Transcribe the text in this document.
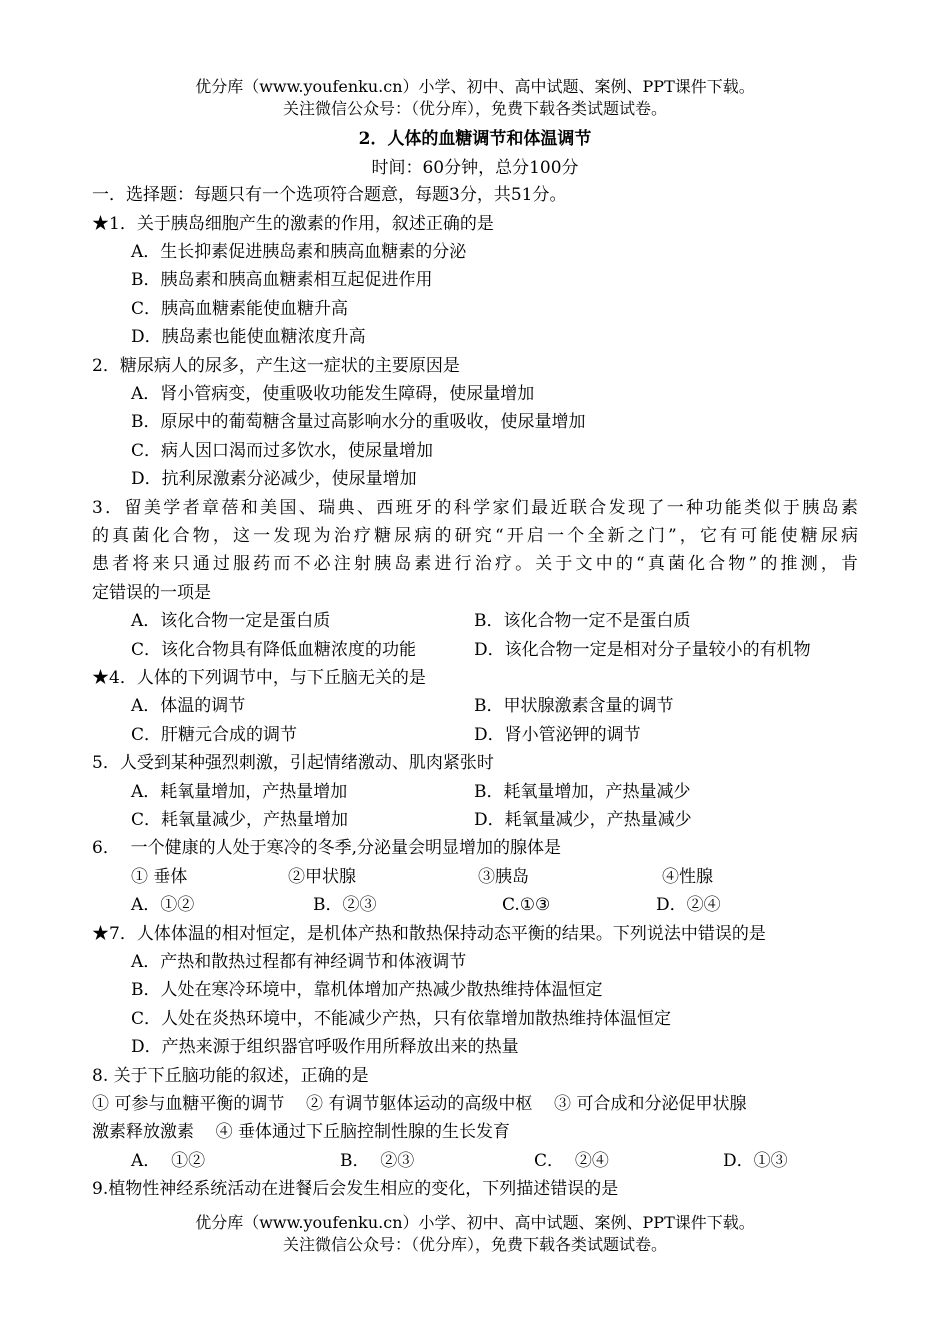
优分库（www.youfenku.cn）小学、初中、高中试题、案例、PPT课件下载。
关注微信公众号：（优分库），免费下载各类试题试卷。
2．人体的血糖调节和体温调节
时间：60分钟，总分100分
一．选择题：每题只有一个选项符合题意，每题3分，共51分。
★1．关于胰岛细胞产生的激素的作用，叙述正确的是
A．生长抑素促进胰岛素和胰高血糖素的分泌
B．胰岛素和胰高血糖素相互起促进作用
C．胰高血糖素能使血糖升高
D．胰岛素也能使血糖浓度升高
2．糖尿病人的尿多，产生这一症状的主要原因是
A．肾小管病变，使重吸收功能发生障碍，使尿量增加
B．原尿中的葡萄糖含量过高影响水分的重吸收，使尿量增加
C．病人因口渴而过多饮水，使尿量增加
D．抗利尿激素分泌减少，使尿量增加
3．留美学者章蓓和美国、瑞典、西班牙的科学家们最近联合发现了一种功能类似于胰岛素
的真菌化合物，这一发现为治疗糖尿病的研究“开启一个全新之门”，它有可能使糖尿病
患者将来只通过服药而不必注射胰岛素进行治疗。关于文中的“真菌化合物”的推测，肯
定错误的一项是
A．该化合物一定是蛋白质	B．该化合物一定不是蛋白质
C．该化合物具有降低血糖浓度的功能	D．该化合物一定是相对分子量较小的有机物
★4．人体的下列调节中，与下丘脑无关的是
A．体温的调节	B．甲状腺激素含量的调节
C．肝糖元合成的调节	D．肾小管泌钾的调节
5．人受到某种强烈刺激，引起情绪激动、肌肉紧张时
A．耗氧量增加，产热量增加	B．耗氧量增加，产热量减少
C．耗氧量减少，产热量增加	D．耗氧量减少，产热量减少
6．  一个健康的人处于寒冷的冬季,分泌量会明显增加的腺体是
① 垂体	②甲状腺	③胰岛	④性腺
A．①②	B．②③	C.①③	D．②④
★7．人体体温的相对恒定，是机体产热和散热保持动态平衡的结果。下列说法中错误的是
A．产热和散热过程都有神经调节和体液调节
B．人处在寒冷环境中，靠机体增加产热减少散热维持体温恒定
C．人处在炎热环境中，不能减少产热，只有依靠增加散热维持体温恒定
D．产热来源于组织器官呼吸作用所释放出来的热量
8. 关于下丘脑功能的叙述，正确的是
① 可参与血糖平衡的调节    ② 有调节躯体运动的高级中枢    ③ 可合成和分泌促甲状腺
激素释放激素    ④ 垂体通过下丘脑控制性腺的生长发育
A．  ①②	B．  ②③	C．  ②④	D．①③
9.植物性神经系统活动在进餐后会发生相应的变化，下列描述错误的是
优分库（www.youfenku.cn）小学、初中、高中试题、案例、PPT课件下载。
关注微信公众号：（优分库），免费下载各类试题试卷。
